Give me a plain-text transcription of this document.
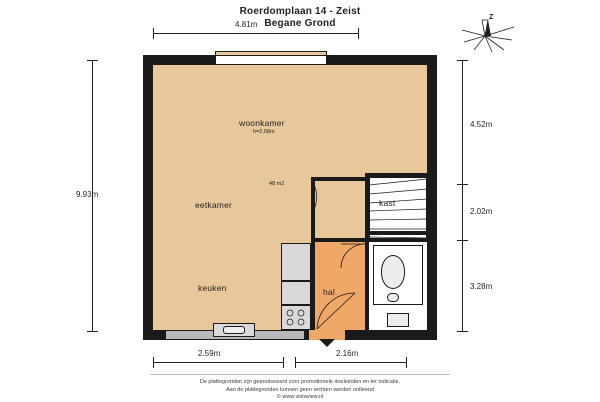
Roerdomplaan 14 - Zeist
Begane Grond
Z
woonkamer
h=2.68m
48 m2
eetkamer
keuken	hal
kast
4.81m
9.93m
4.52m
2.02m
3.28m
2.59m	2.16m
De plattegronden zijn geproduceerd voor promotionele doeleinden en ter indicatie.
Aan de plattegronden kunnen geen rechten worden ontleend
© www.vistaview.nl
